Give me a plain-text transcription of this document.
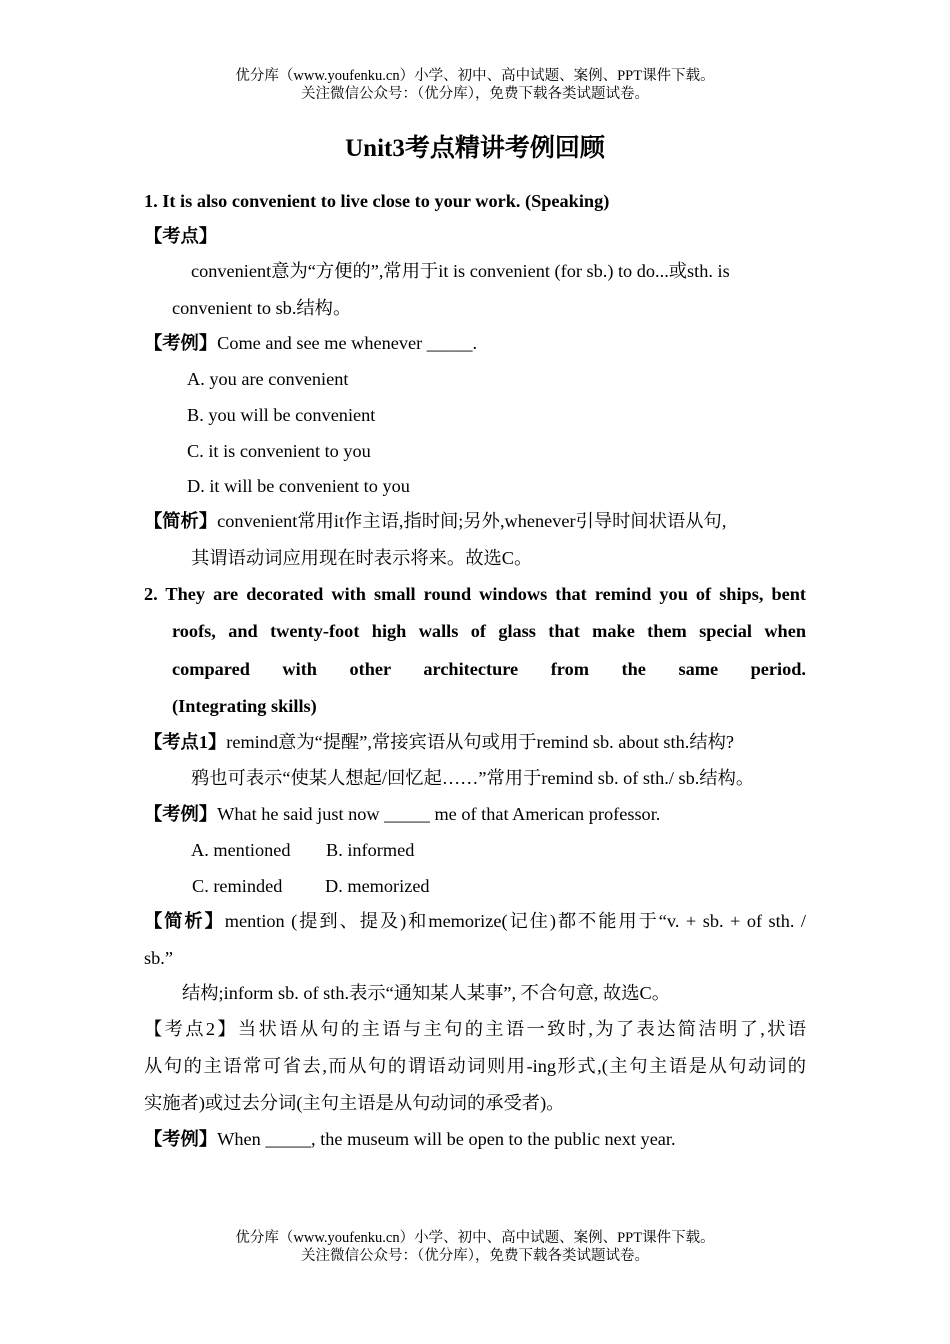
优分库（www.youfenku.cn）小学、初中、高中试题、案例、PPT课件下载。
关注微信公众号：（优分库），免费下载各类试题试卷。
Unit3考点精讲考例回顾
1. It is also convenient to live close to your work. (Speaking)
【考点】
convenient意为“方便的”,常用于it is convenient (for sb.) to do...或sth. is
convenient to sb.结构。
【考例】Come and see me whenever _____.
A. you are convenient
B. you will be convenient
C. it is convenient to you
D. it will be convenient to you
【简析】convenient常用it作主语,指时间;另外,whenever引导时间状语从句,
其谓语动词应用现在时表示将来。故选C。
2. They are decorated with small round windows that remind you of ships, bent
roofs, and twenty-foot high walls of glass that make them special when
compared with other architecture from the same period.
(Integrating skills)
【考点1】remind意为“提醒”,常接宾语从句或用于remind sb. about sth.结构?
鸦也可表示“使某人想起/回忆起……”常用于remind sb. of sth./ sb.结构。
【考例】What he said just now _____ me of that American professor.
A. mentioned B. informed
C. reminded D. memorized
【简析】mention (提到、提及)和memorize(记住)都不能用于“v. + sb. + of sth. /
sb.”
结构;inform sb. of sth.表示“通知某人某事”, 不合句意, 故选C。
【考点2】当状语从句的主语与主句的主语一致时,为了表达简洁明了,状语
从句的主语常可省去,而从句的谓语动词则用-ing形式,(主句主语是从句动词的
实施者)或过去分词(主句主语是从句动词的承受者)。
【考例】When _____, the museum will be open to the public next year.
优分库（www.youfenku.cn）小学、初中、高中试题、案例、PPT课件下载。
关注微信公众号：（优分库），免费下载各类试题试卷。
